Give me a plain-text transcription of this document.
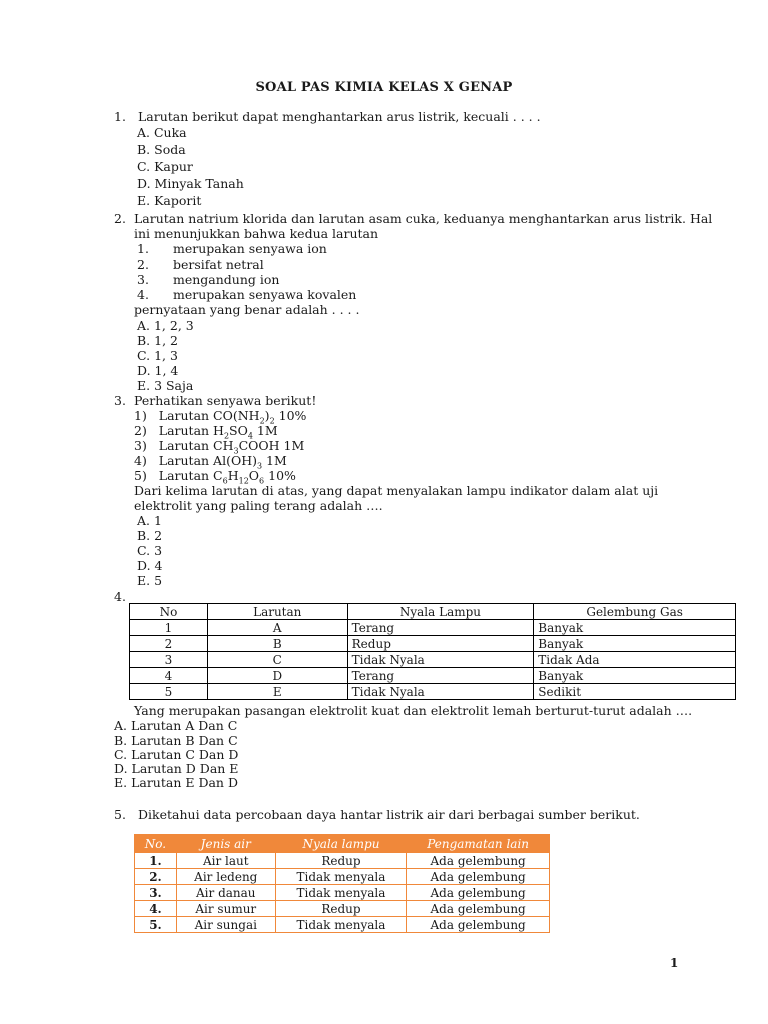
SOAL PAS KIMIA KELAS X GENAP
1. Larutan berikut dapat menghantarkan arus listrik, kecuali . . . .
A. Cuka
B. Soda
C. Kapur
D. Minyak Tanah
E. Kaporit
2. Larutan natrium klorida dan larutan asam cuka, keduanya menghantarkan arus listrik. Hal
ini menunjukkan bahwa kedua larutan
1. merupakan senyawa ion
2. bersifat netral
3. mengandung ion
4. merupakan senyawa kovalen
pernyataan yang benar adalah . . . .
A. 1, 2, 3
B. 1, 2
C. 1, 3
D. 1, 4
E. 3 Saja
3. Perhatikan senyawa berikut!
1) Larutan $CO(NH_2)_2$ 10%
2) Larutan $H_2SO_4$ 1M
3) Larutan $CH_3COOH$ 1M
4) Larutan $Al(OH)_3$ 1M
5) Larutan $C_6H_{12}O_6$ 10%
Dari kelima larutan di atas, yang dapat menyalakan lampu indikator dalam alat uji
elektrolit yang paling terang adalah ….
A. 1
B. 2
C. 3
D. 4
E. 5
4.
No	Larutan	Nyala Lampu	Gelembung Gas
1	A	Terang	Banyak
2	B	Redup	Banyak
3	C	Tidak Nyala	Tidak Ada
4	D	Terang	Banyak
5	E	Tidak Nyala	Sedikit
Yang merupakan pasangan elektrolit kuat dan elektrolit lemah berturut-turut adalah ….
A. Larutan A Dan C
B. Larutan B Dan C
C. Larutan C Dan D
D. Larutan D Dan E
E. Larutan E Dan D
5. Diketahui data percobaan daya hantar listrik air dari berbagai sumber berikut.
No.	Jenis air	Nyala lampu	Pengamatan lain
1.	Air laut	Redup	Ada gelembung
2.	Air ledeng	Tidak menyala	Ada gelembung
3.	Air danau	Tidak menyala	Ada gelembung
4.	Air sumur	Redup	Ada gelembung
5.	Air sungai	Tidak menyala	Ada gelembung
1
